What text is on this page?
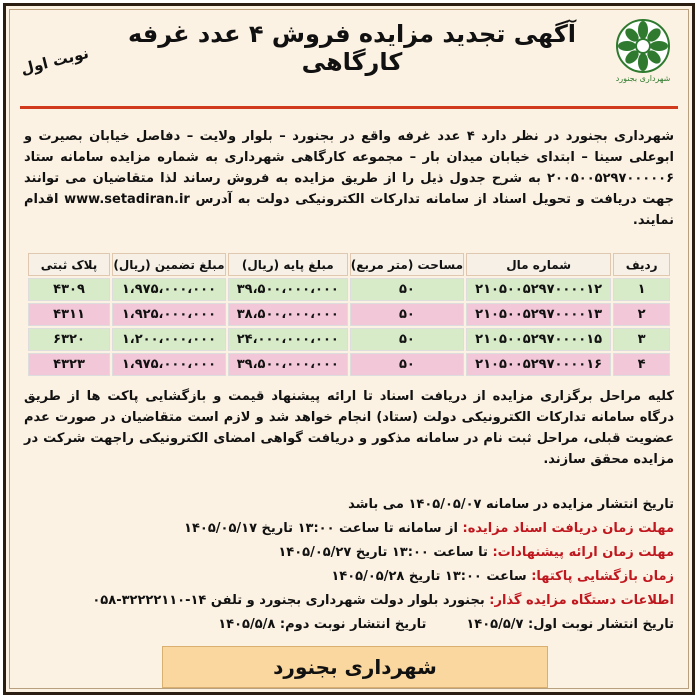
شهرداری بجنورد
آگهی تجدید مزایده فروش ۴ عدد غرفه کارگاهی
نوبت اول
شهرداری بجنورد در نظر دارد ۴ عدد غرفه واقع در بجنورد – بلوار ولایت – دفاصل خیابان بصیرت و ابوعلی سینا – ابتدای خیابان میدان بار – مجموعه کارگاهی شهرداری به شماره مزایده سامانه ستاد ۲۰۰۵۰۰۵۲۹۷۰۰۰۰۰۶ به شرح جدول ذیل را از طریق مزایده به فروش رساند لذا متقاضیان می توانند جهت دریافت و تحویل اسناد از سامانه تدارکات الکترونیکی دولت به آدرس www.setadiran.ir اقدام نمایند.
ردیف	شماره مال	مساحت (متر مربع)	مبلغ پایه (ریال)	مبلغ تضمین (ریال)	پلاک ثبتی
۱	۲۱۰۵۰۰۵۲۹۷۰۰۰۰۱۲	۵۰	۳۹،۵۰۰،۰۰۰،۰۰۰	۱،۹۷۵،۰۰۰،۰۰۰	۴۳۰۹
۲	۲۱۰۵۰۰۵۲۹۷۰۰۰۰۱۳	۵۰	۳۸،۵۰۰،۰۰۰،۰۰۰	۱،۹۲۵،۰۰۰،۰۰۰	۴۳۱۱
۳	۲۱۰۵۰۰۵۲۹۷۰۰۰۰۱۵	۵۰	۲۴،۰۰۰،۰۰۰،۰۰۰	۱،۲۰۰،۰۰۰،۰۰۰	۶۳۲۰
۴	۲۱۰۵۰۰۵۲۹۷۰۰۰۰۱۶	۵۰	۳۹،۵۰۰،۰۰۰،۰۰۰	۱،۹۷۵،۰۰۰،۰۰۰	۴۳۲۳
کلیه مراحل برگزاری مزایده از دریافت اسناد تا ارائه پیشنهاد قیمت و بازگشایی پاکت ها از طریق درگاه سامانه تدارکات الکترونیکی دولت (ستاد) انجام خواهد شد و لازم است متقاضیان در صورت عدم عضویت قبلی، مراحل ثبت نام در سامانه مذکور و دریافت گواهی امضای الکترونیکی راجهت شرکت در مزایده محقق سازند.
تاریخ انتشار مزایده در سامانه ۱۴۰۵/۰۵/۰۷ می باشد
مهلت زمان دریافت اسناد مزایده: از سامانه تا ساعت ۱۳:۰۰ تاریخ ۱۴۰۵/۰۵/۱۷
مهلت زمان ارائه پیشنهادات: تا ساعت ۱۳:۰۰ تاریخ ۱۴۰۵/۰۵/۲۷
زمان بازگشایی پاکتها: ساعت ۱۳:۰۰ تاریخ ۱۴۰۵/۰۵/۲۸
اطلاعات دستگاه مزایده گذار: بجنورد بلوار دولت شهرداری بجنورد و تلفن ۱۴-۳۲۲۲۲۱۱۰-۰۵۸
تاریخ انتشار نوبت اول: ۱۴۰۵/۵/۷تاریخ انتشار نوبت دوم: ۱۴۰۵/۵/۸
شهرداری بجنورد
